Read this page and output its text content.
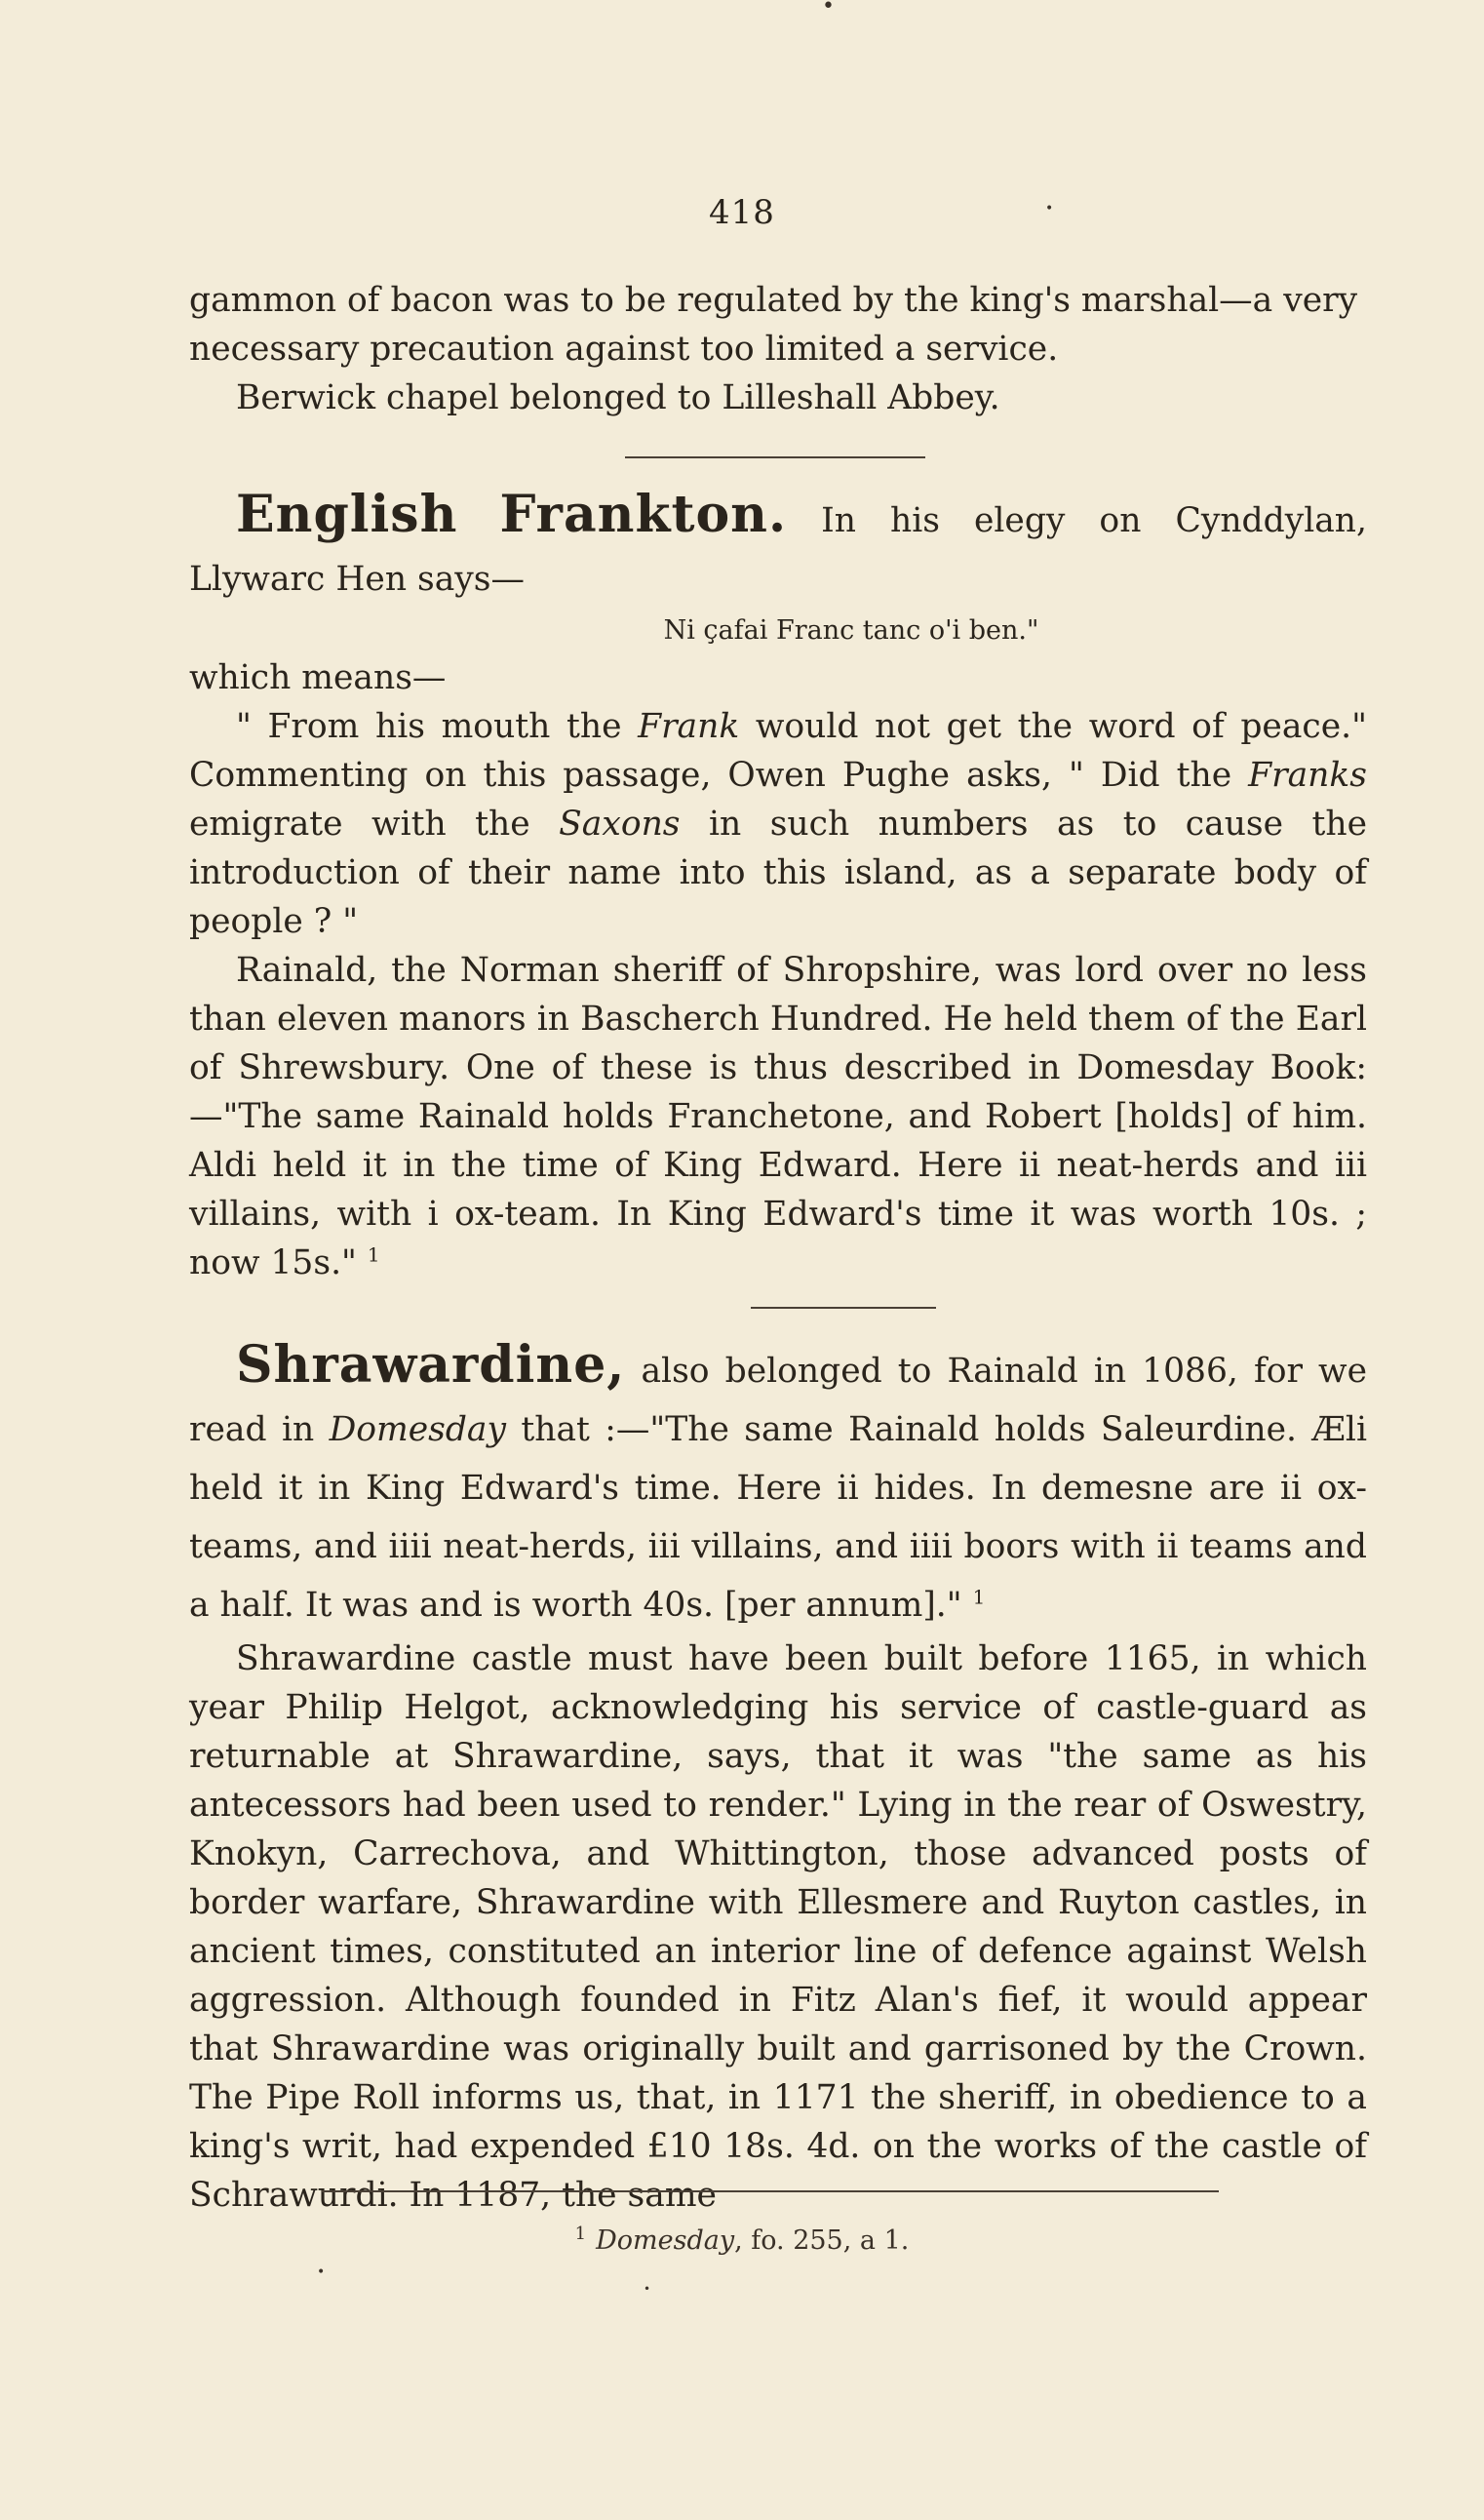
•
•
418

gammon of bacon was to be regulated by the king's marshal—a very

necessary precaution against too limited a service.

Berwick chapel belonged to Lilleshall Abbey.

English Frankton. In his elegy on Cynddylan, Llywarc Hen says—

Ni çafai Franc tanc o'i ben."

which means—

" From his mouth the Frank would not get the word of peace." Commenting on this passage, Owen Pughe asks, " Did the Franks emigrate with the Saxons in such numbers as to cause the introduction of their name into this island, as a separate body of people ? "

Rainald, the Norman sheriff of Shropshire, was lord over no less than eleven manors in Bascherch Hundred. He held them of the Earl of Shrewsbury. One of these is thus described in Domesday Book:—"The same Rainald holds Franchetone, and Robert [holds] of him. Aldi held it in the time of King Edward. Here ii neat-herds and iii villains, with i ox-team. In King Edward's time it was worth 10s. ; now 15s." $^1$

Shrawardine, also belonged to Rainald in 1086, for we read in Domesday that :—"The same Rainald holds Saleurdine. Æli held it in King Edward's time. Here ii hides. In demesne are ii ox-teams, and iiii neat-herds, iii villains, and iiii boors with ii teams and a half. It was and is worth 40s. [per annum]." $^1$

Shrawardine castle must have been built before 1165, in which year Philip Helgot, acknowledging his service of castle-guard as returnable at Shrawardine, says, that it was "the same as his antecessors had been used to render." Lying in the rear of Oswestry, Knokyn, Carrechova, and Whittington, those advanced posts of border warfare, Shrawardine with Ellesmere and Ruyton castles, in ancient times, constituted an interior line of defence against Welsh aggression. Although founded in Fitz Alan's fief, it would appear that Shrawardine was originally built and garrisoned by the Crown. The Pipe Roll informs us, that, in 1171 the sheriff, in obedience to a king's writ, had expended £10 18s. 4d. on the works of the castle of Schrawurdi. In 1187, the same

$^1$ Domesday, fo. 255, a 1.
•
•
